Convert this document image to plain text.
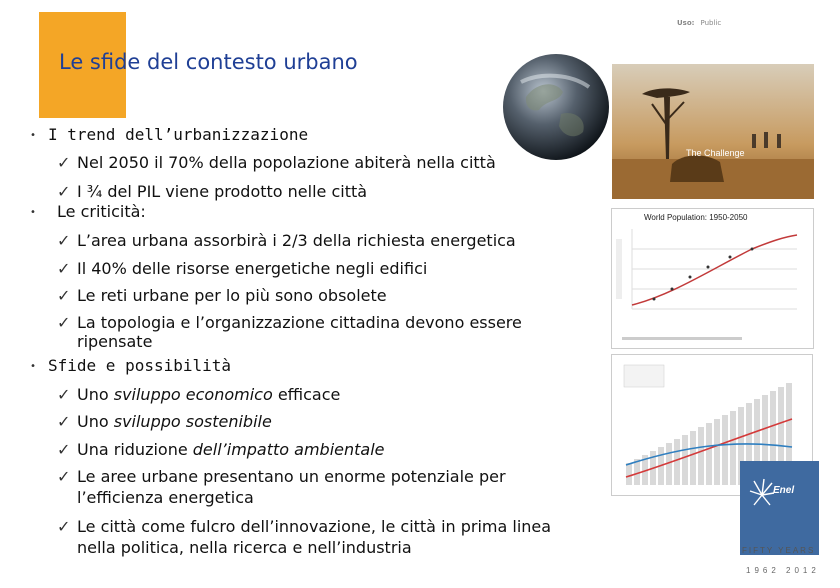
Le sfide del contesto urbano
Uso: Public
The Challenge
World Population: 1950-2050
Enel
FIFTY YEARS
1962 2012
• I trend dell’urbanizzazione
✓ Nel 2050 il 70% della popolazione abiterà nella città
✓ I ¾ del PIL viene prodotto nelle città
• Le criticità:
✓ L’area urbana assorbirà i 2/3 della richiesta energetica
✓ Il 40% delle risorse energetiche negli edifici
✓ Le reti urbane per lo più sono obsolete
✓ La topologia e l’organizzazione cittadina devono essere ripensate
• Sfide e possibilità
✓ Uno sviluppo economico efficace
✓ Uno sviluppo sostenibile
✓ Una riduzione dell’impatto ambientale
✓ Le aree urbane presentano un enorme potenziale per l’efficienza energetica
✓ Le città come fulcro dell’innovazione, le città in prima linea nella politica, nella ricerca e nell’industria
